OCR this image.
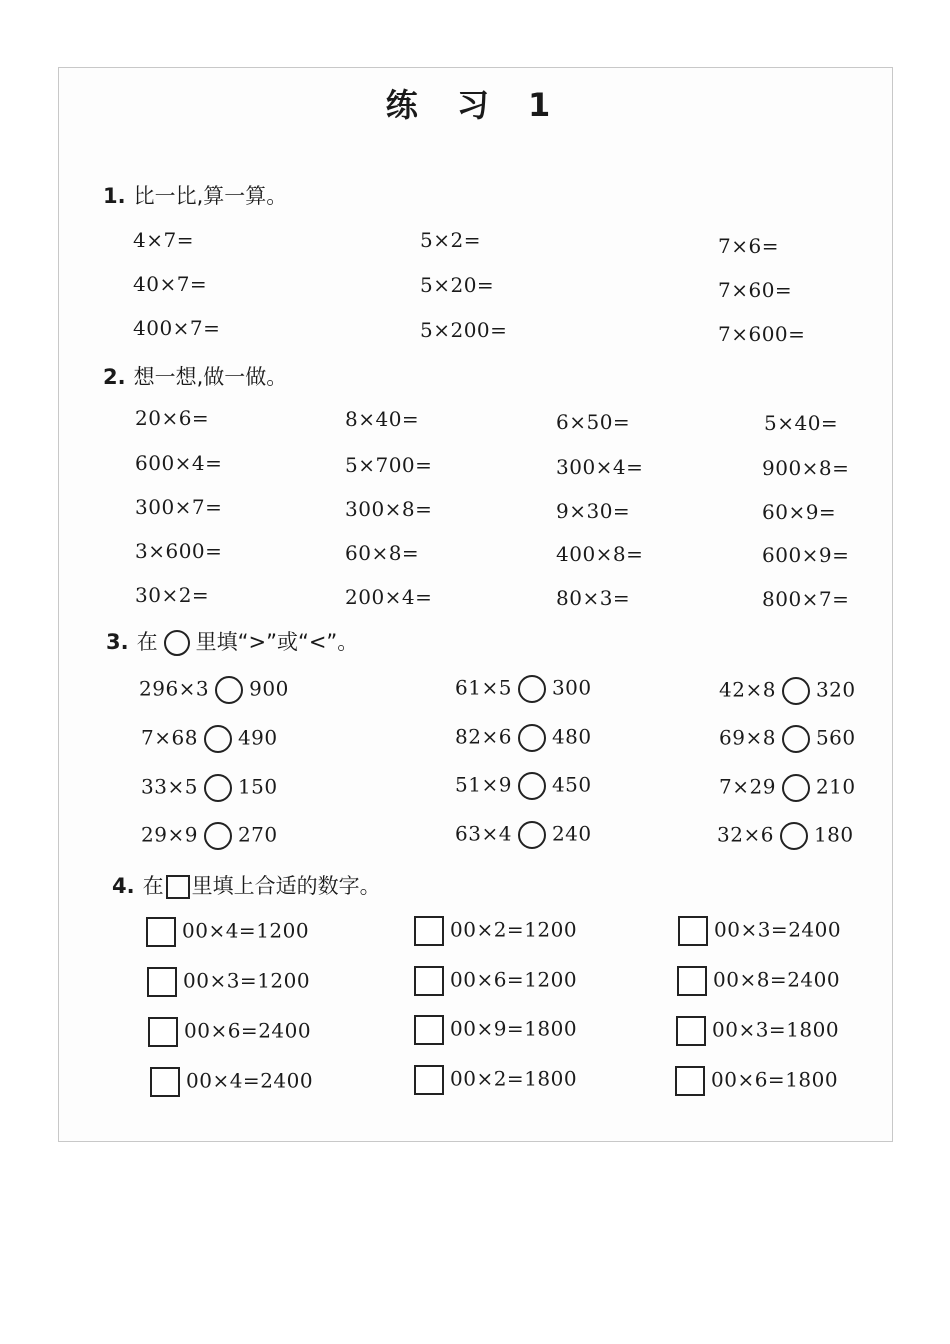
练 习 1
1. 比一比,算一算。
4×7=
40×7=
400×7=
5×2=
5×20=
5×200=
7×6=
7×60=
7×600=
2. 想一想,做一做。
20×6=
600×4=
300×7=
3×600=
30×2=
8×40=
5×700=
300×8=
60×8=
200×4=
6×50=
300×4=
9×30=
400×8=
80×3=
5×40=
900×8=
60×9=
600×9=
800×7=
3. 在 里填“>”或“<”。
296×3 900
7×68 490
33×5 150
29×9 270
61×5 300
82×6 480
51×9 450
63×4 240
42×8 320
69×8 560
7×29 210
32×6 180
4. 在 里填上合适的数字。
00×4=1200
00×3=1200
00×6=2400
00×4=2400
00×2=1200
00×6=1200
00×9=1800
00×2=1800
00×3=2400
00×8=2400
00×3=1800
00×6=1800
